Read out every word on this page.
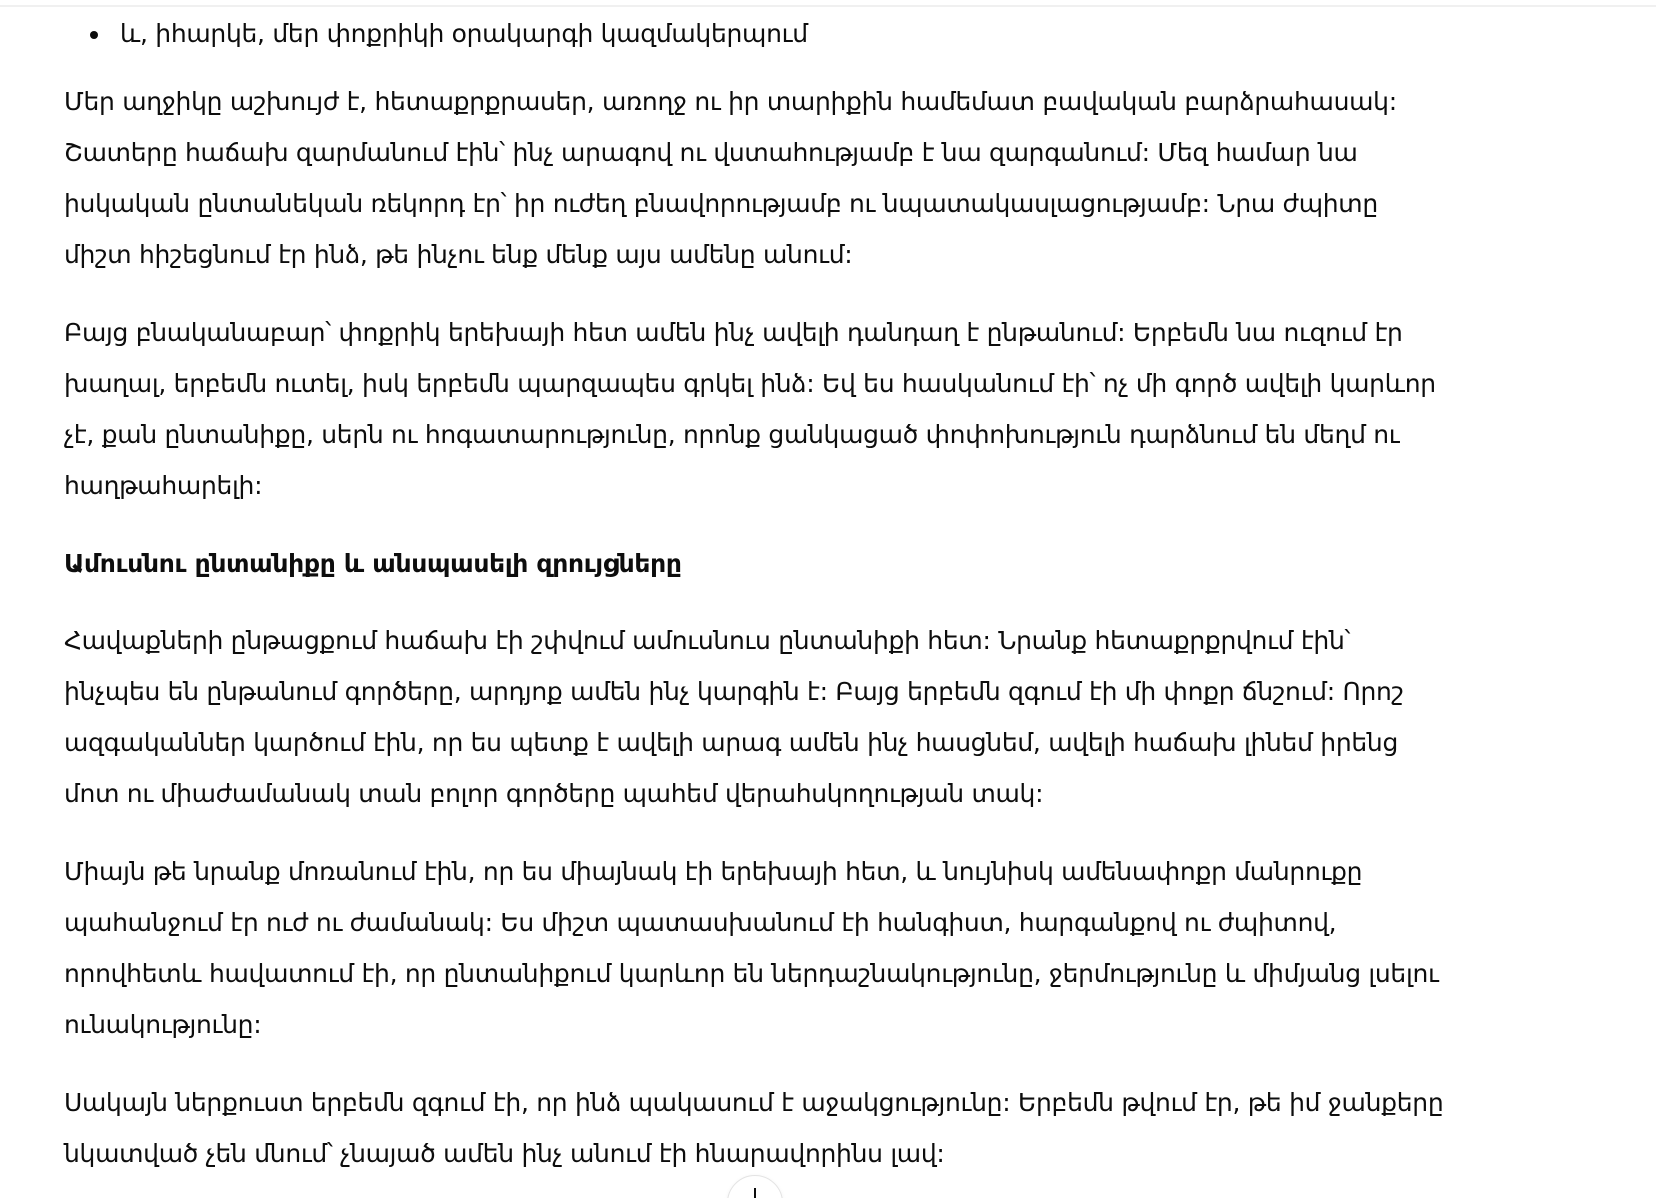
և, իհարկե, մեր փոքրիկի օրակարգի կազմակերպում

Մեր աղջիկը աշխույժ է, հետաքրքրասեր, առողջ ու իր տարիքին համեմատ բավական բարձրահասակ: Շատերը հաճախ զարմանում էին՝ ինչ արագով ու վստահությամբ է նա զարգանում: Մեզ համար նա իսկական ընտանեկան ռեկորդ էր՝ իր ուժեղ բնավորությամբ ու նպատակասլացությամբ: Նրա ժպիտը միշտ հիշեցնում էր ինձ, թե ինչու ենք մենք այս ամենը անում:

Բայց բնականաբար՝ փոքրիկ երեխայի հետ ամեն ինչ ավելի դանդաղ է ընթանում: Երբեմն նա ուզում էր խաղալ, երբեմն ուտել, իսկ երբեմն պարզապես գրկել ինձ: Եվ ես հասկանում էի՝ ոչ մի գործ ավելի կարևոր չէ, քան ընտանիքը, սերն ու հոգատարությունը, որոնք ցանկացած փոփոխություն դարձնում են մեղմ ու հաղթահարելի:

Ամուսնու ընտանիքը և անսպասելի զրույցները

Հավաքների ընթացքում հաճախ էի շփվում ամուսնուս ընտանիքի հետ: Նրանք հետաքրքրվում էին՝ ինչպես են ընթանում գործերը, արդյոք ամեն ինչ կարգին է: Բայց երբեմն զգում էի մի փոքր ճնշում: Որոշ ազգականներ կարծում էին, որ ես պետք է ավելի արագ ամեն ինչ հասցնեմ, ավելի հաճախ լինեմ իրենց մոտ ու միաժամանակ տան բոլոր գործերը պահեմ վերահսկողության տակ:

Միայն թե նրանք մոռանում էին, որ ես միայնակ էի երեխայի հետ, և նույնիսկ ամենափոքր մանրուքը պահանջում էր ուժ ու ժամանակ: Ես միշտ պատասխանում էի հանգիստ, հարգանքով ու ժպիտով, որովհետև հավատում էի, որ ընտանիքում կարևոր են ներդաշնակությունը, ջերմությունը և միմյանց լսելու ունակությունը:

Սակայն ներքուստ երբեմն զգում էի, որ ինձ պակասում է աջակցությունը: Երբեմն թվում էր, թե իմ ջանքերը նկատված չեն մնում՝ չնայած ամեն ինչ անում էի հնարավորինս լավ:
